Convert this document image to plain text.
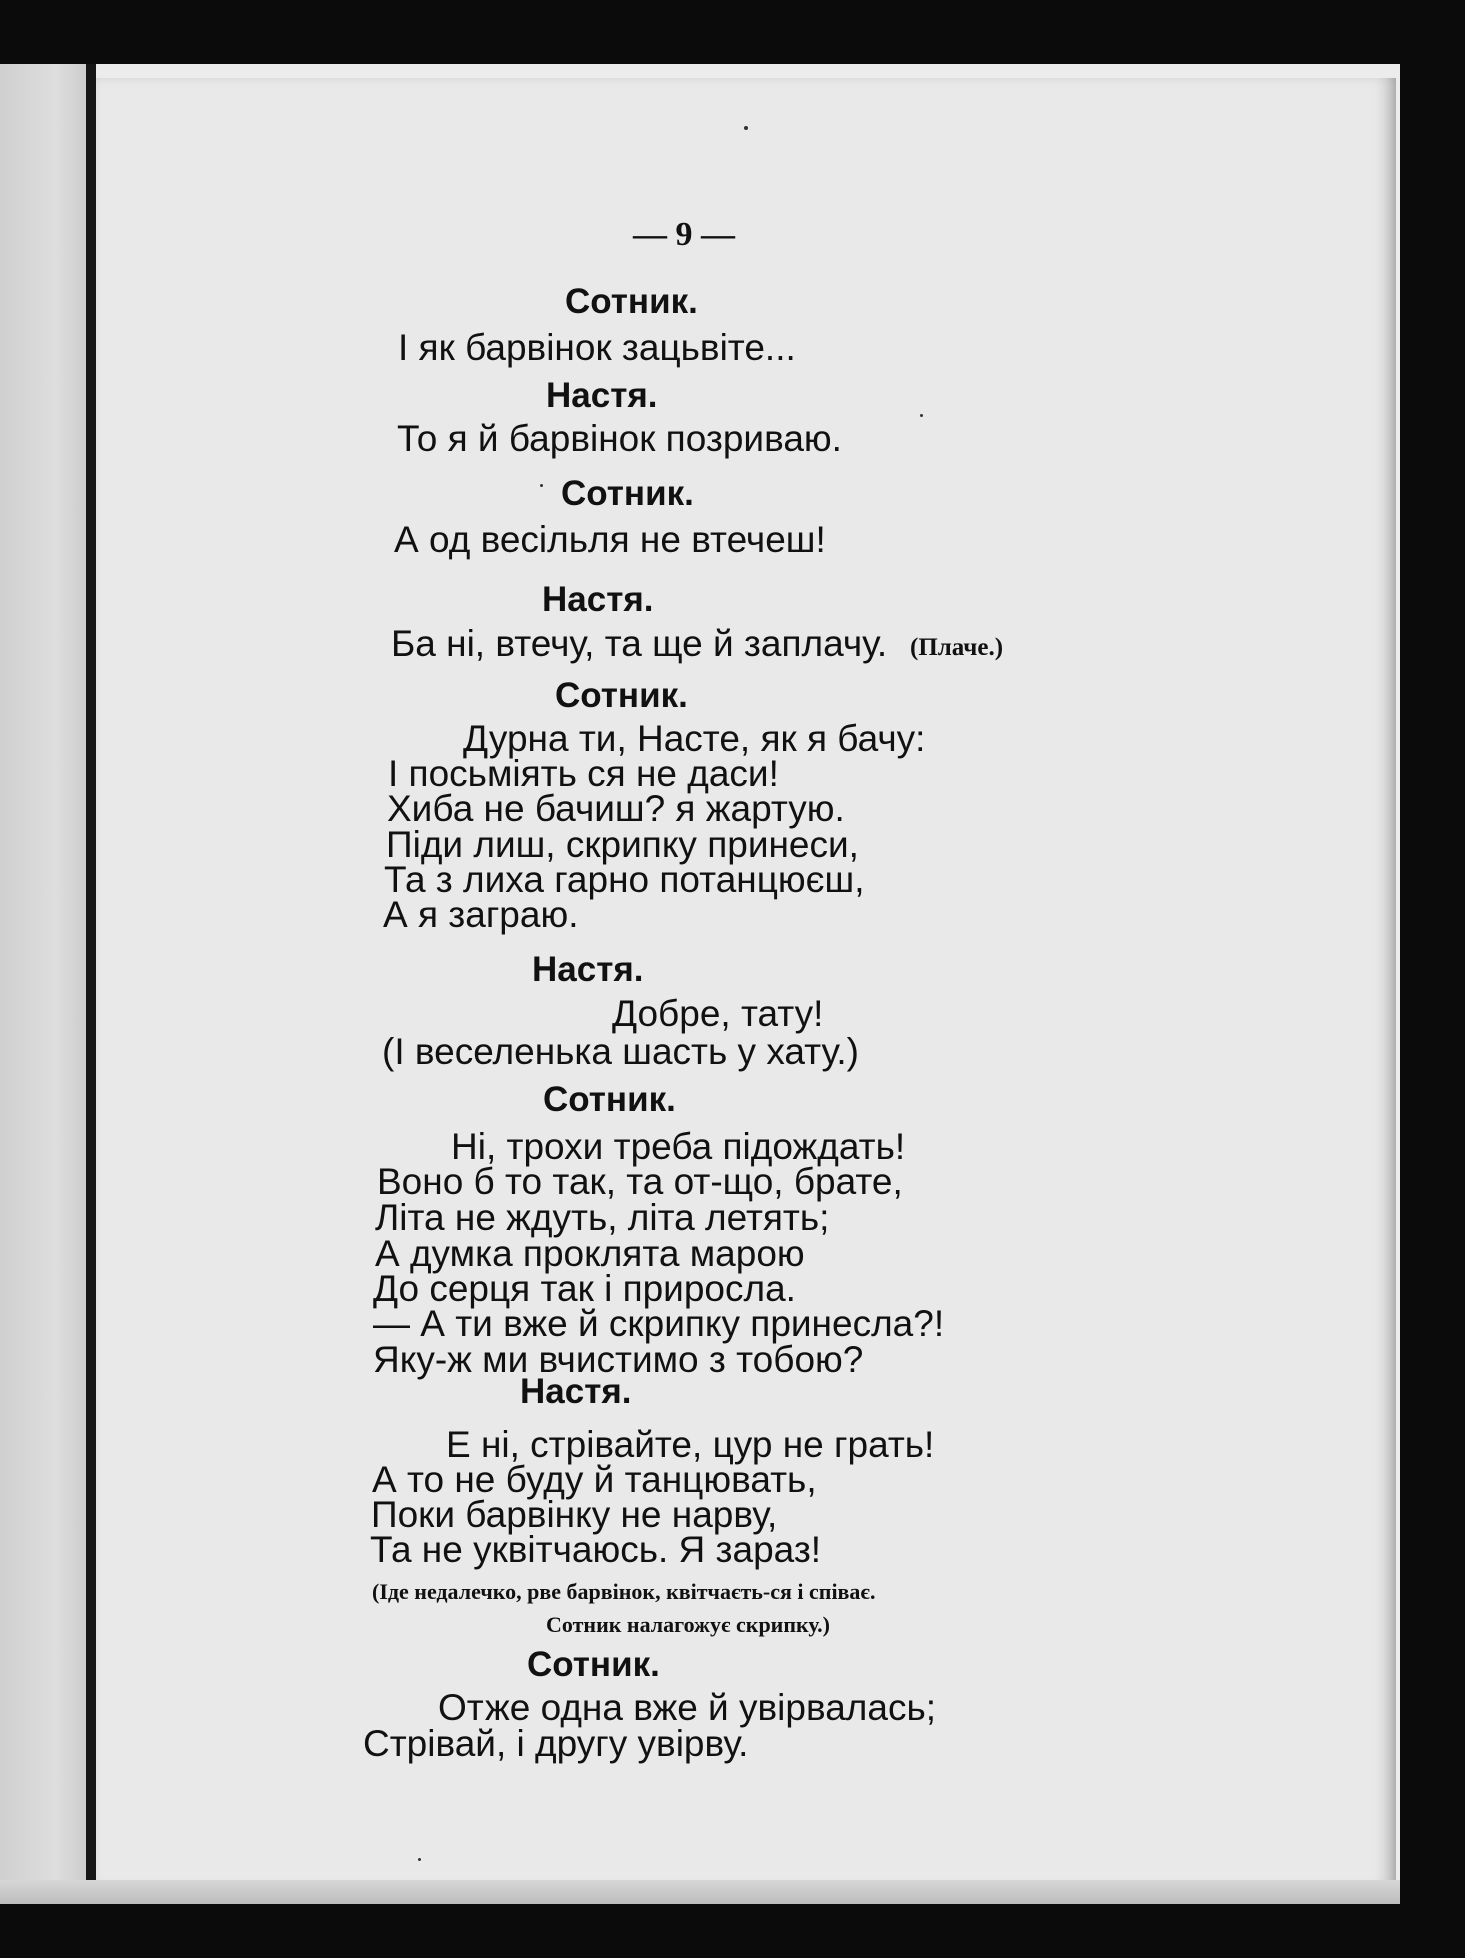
— 9 —
Сотник.
І як барвінок зацьвіте...
Настя.
То я й барвінок позриваю.
Сотник.
А од весільля не втечеш!
Настя.
Ба ні, втечу, та ще й заплачу. (Плаче.)
Сотник.
Дурна ти, Насте, як я бачу:
І посьміять ся не даси!
Хиба не бачиш? я жартую.
Піди лиш, скрипку принеси,
Та з лиха гарно потанцюєш,
А я заграю.
Настя.
Добре, тату!
(І веселенька шасть у хату.)
Сотник.
Ні, трохи треба підождать!
Воно б то так, та от-що, брате,
Літа не ждуть, літа летять;
А думка проклята марою
До серця так і приросла.
— А ти вже й скрипку принесла?!
Яку-ж ми вчистимо з тобою?
Настя.
Е ні, стрівайте, цур не грать!
А то не буду й танцювать,
Поки барвінку не нарву,
Та не уквітчаюсь. Я зараз!
(Іде недалечко, рве барвінок, квітчаєть-ся і співає.
Сотник налагожує скрипку.)
Сотник.
Отже одна вже й увірвалась;
Стрівай, і другу увірву.
